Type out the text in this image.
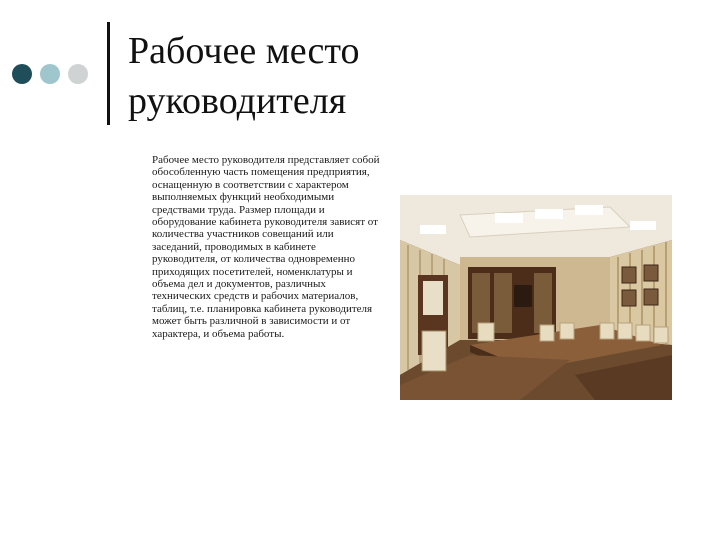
Рабочее место руководителя

Рабочее место руководителя представляет собой обособленную часть помещения предприятия, оснащенную в соответствии с характером выполняемых функций необходимыми средствами труда. Размер площади и оборудование кабинета руководителя зависят от количества участников совещаний или заседаний, проводимых в кабинете руководителя, от количества одновременно приходящих посетителей, номенклатуры и объема дел и документов, различных технических средств и рабочих материалов, таблиц, т.е. планировка кабинета руководителя может быть различной в зависимости и от характера, и объема работы.
